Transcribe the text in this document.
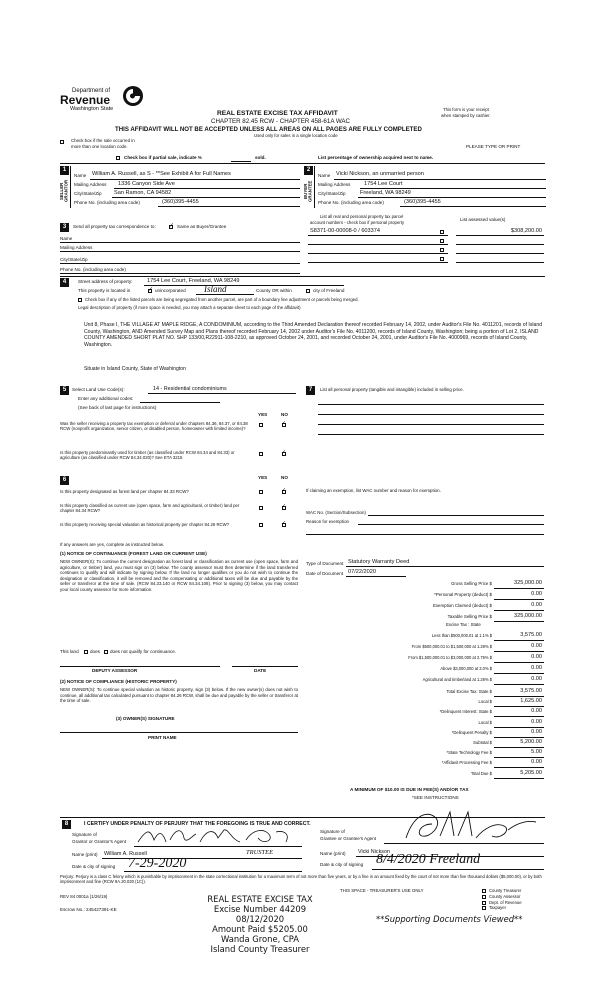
Department of
Revenue
Washington State
REAL ESTATE EXCISE TAX AFFIDAVIT
CHAPTER 82.45 RCW - CHAPTER 458-61A WAC
This form is your receipt
when stamped by cashier.
THIS AFFIDAVIT WILL NOT BE ACCEPTED UNLESS ALL AREAS ON ALL PAGES ARE FULLY COMPLETED
Used only for sales in a single location code
Check box if the sale occurred in
more than one location code.	PLEASE TYPE OR PRINT
Check box if partial sale, indicate %	sold.	List percentage of ownership acquired next to name.
1
SELLER GRANTOR
Name William A. Russell, as S - **See Exhibit A for Full Names
Mailing Address 1336 Canyon Side Ave
City/State/Zip San Ramon, CA 94582
Phone No. (including area code)	(360)395-4455
2
BUYER GRANTEE
Name Vicki Nickson, an unmarried person
Mailing Address 1754 Lee Court
City/State/Zip	Freeland, WA 98249
Phone No. (including area code)	(360)395-4455
3	Send all property tax correspondence to: ✓ Same as Buyer/Grantee
Name
Mailing Address
City/State/Zip
Phone No. (including area code)
List all real and personal property tax parcel
account numbers - check box if personal property
List assessed value(s)
S8371-00-00008-0 / 603374	$308,200.00
4	Street address of property:	1754 Lee Court, Freeland, WA 98249
This property is located in	✓ unincorporated Island	County OR within	city of Freeland
Check box if any of the listed parcels are being segregated from another parcel, are part of a boundary line adjustment or parcels being merged.
Legal description of property (if more space is needed, you may attach a separate sheet to each page of the affidavit)
Unit 8, Phase I, THE VILLAGE AT MAPLE RIDGE, A CONDOMINIUM, according to the Third Amended Declaration thereof recorded February 14, 2002, under Auditor's File No. 4011201, records of Island County, Washington, AND Amended Survey Map and Plans thereof recorded February 14, 2002 under Auditor's File No. 4011200, records of Island County, Washington; being a portion of Lot 2, ISLAND COUNTY AMENDED SHORT PLAT NO. SHP 133/00,R22911-108-2210, as approved October 24, 2001, and recorded October 24, 2001, under Auditor's File No. 4000969, records of Island County, Washington.
Situate in Island County, State of Washington
5	Select Land Use Code(s):	14 - Residential condominiums
Enter any additional codes:
(See back of last page for instructions)
YES	NO
Was the seller receiving a property tax exemption or deferral under chapters 84.36, 84.37, or 84.38 RCW (nonprofit organization, senior citizen, or disabled person, homeowner with limited income)?
✓
Is this property predominantly used for timber (as classified under RCW 84.34 and 84.33) or agriculture (as classified under RCW 84.34.020)? See ETA 3215
✓
6	YES	NO
Is this property designated as forest land per chapter 84.33 RCW?	✓
Is this property classified as current use (open space, farm and agricultural, or timber) land per chapter 84.34 RCW?
✓
Is this property receiving special valuation as historical property per chapter 84.26 RCW?	✓
If any answers are yes, complete as instructed below.
(1) NOTICE OF CONTINUANCE (FOREST LAND OR CURRENT USE)
NEW OWNER(S): To continue the current designation as forest land or classification as current use (open space, farm and agriculture, or timber) land, you must sign on (3) below. The county assessor must then determine if the land transferred continues to qualify and will indicate by signing below. If the land no longer qualifies or you do not wish to continue the designation or classification, it will be removed and the compensating or additional taxes will be due and payable by the seller or transferor at the time of sale. (RCW 84.33.140 or RCW 84.34.108). Prior to signing (3) below, you may contact your local county assessor for more information.
This land does does not qualify for continuance.
DEPUTY ASSESSOR	DATE
(2) NOTICE OF COMPLIANCE (HISTORIC PROPERTY)
NEW OWNER(S): To continue special valuation as historic property, sign (3) below. If the new owner(s) does not wish to continue, all additional tax calculated pursuant to chapter 84.26 RCW, shall be due and payable by the seller or transferor at the time of sale.
(3) OWNER(S) SIGNATURE
PRINT NAME
7	List all personal property (tangible and intangible) included in selling price.
If claiming an exemption, list WAC number and reason for exemption.
WAC No. (Section/Subsection)
Reason for exemption
Type of Document Statutory Warranty Deed
Date of Document 07/22/2020
Gross Selling Price $	325,000.00
*Personal Property (deduct) $	0.00
Exemption Claimed (deduct) $	0.00
Taxable Selling Price $	325,000.00
Less than $500,000.01 at 1.1% $	3,575.00
From $500,000.01 to $1,500,000 at 1.28% $	0.00
From $1,500,000.01 to $3,000,000 at 2.75% $	0.00
Above $3,000,000 at 3.0% $	0.00
Agricultural and timberland at 1.28% $	0.00
Total Excise Tax: State $	3,575.00
Local $	1,625.00
*Delinquent Interest: State $	0.00
Local $	0.00
*Delinquent Penalty $	0.00
Subtotal $	5,200.00
*State Technology Fee $	5.00
*Affidavit Processing Fee $	0.00
Total Due $	5,205.00
Excise Tax : State
A MINIMUM OF $10.00 IS DUE IN FEE(S) AND/OR TAX
*SEE INSTRUCTIONS
8	I CERTIFY UNDER PENALTY OF PERJURY THAT THE FOREGOING IS TRUE AND CORRECT.
Signature of
Grantor or Grantor's Agent
Name (print) William A. Russell	TRUSTEE
Date & city of signing 7-29-2020
Signature of
Grantee or Grantee's Agent
Name (print) Vicki Nickson
Date & city of signing 8/4/2020 Freeland
Perjury: Perjury is a class C felony which is punishable by imprisonment in the state correctional institution for a maximum term of not more than five years, or by a fine in an amount fixed by the court of not more than five thousand dollars ($5,000.00), or by both imprisonment and fine (RCW 9A.20.020 (1C)).
REV 84 0001a (1/26/19)
THIS SPACE - TREASURER'S USE ONLY
Escrow No.: 245427391-KE
County Treasurer
County Assessor
Dept. of Revenue
Taxpayer
REAL ESTATE EXCISE TAX
Excise Number 44209
08/12/2020
Amount Paid $5205.00
Wanda Grone, CPA
Island County Treasurer
**Supporting Documents Viewed**
